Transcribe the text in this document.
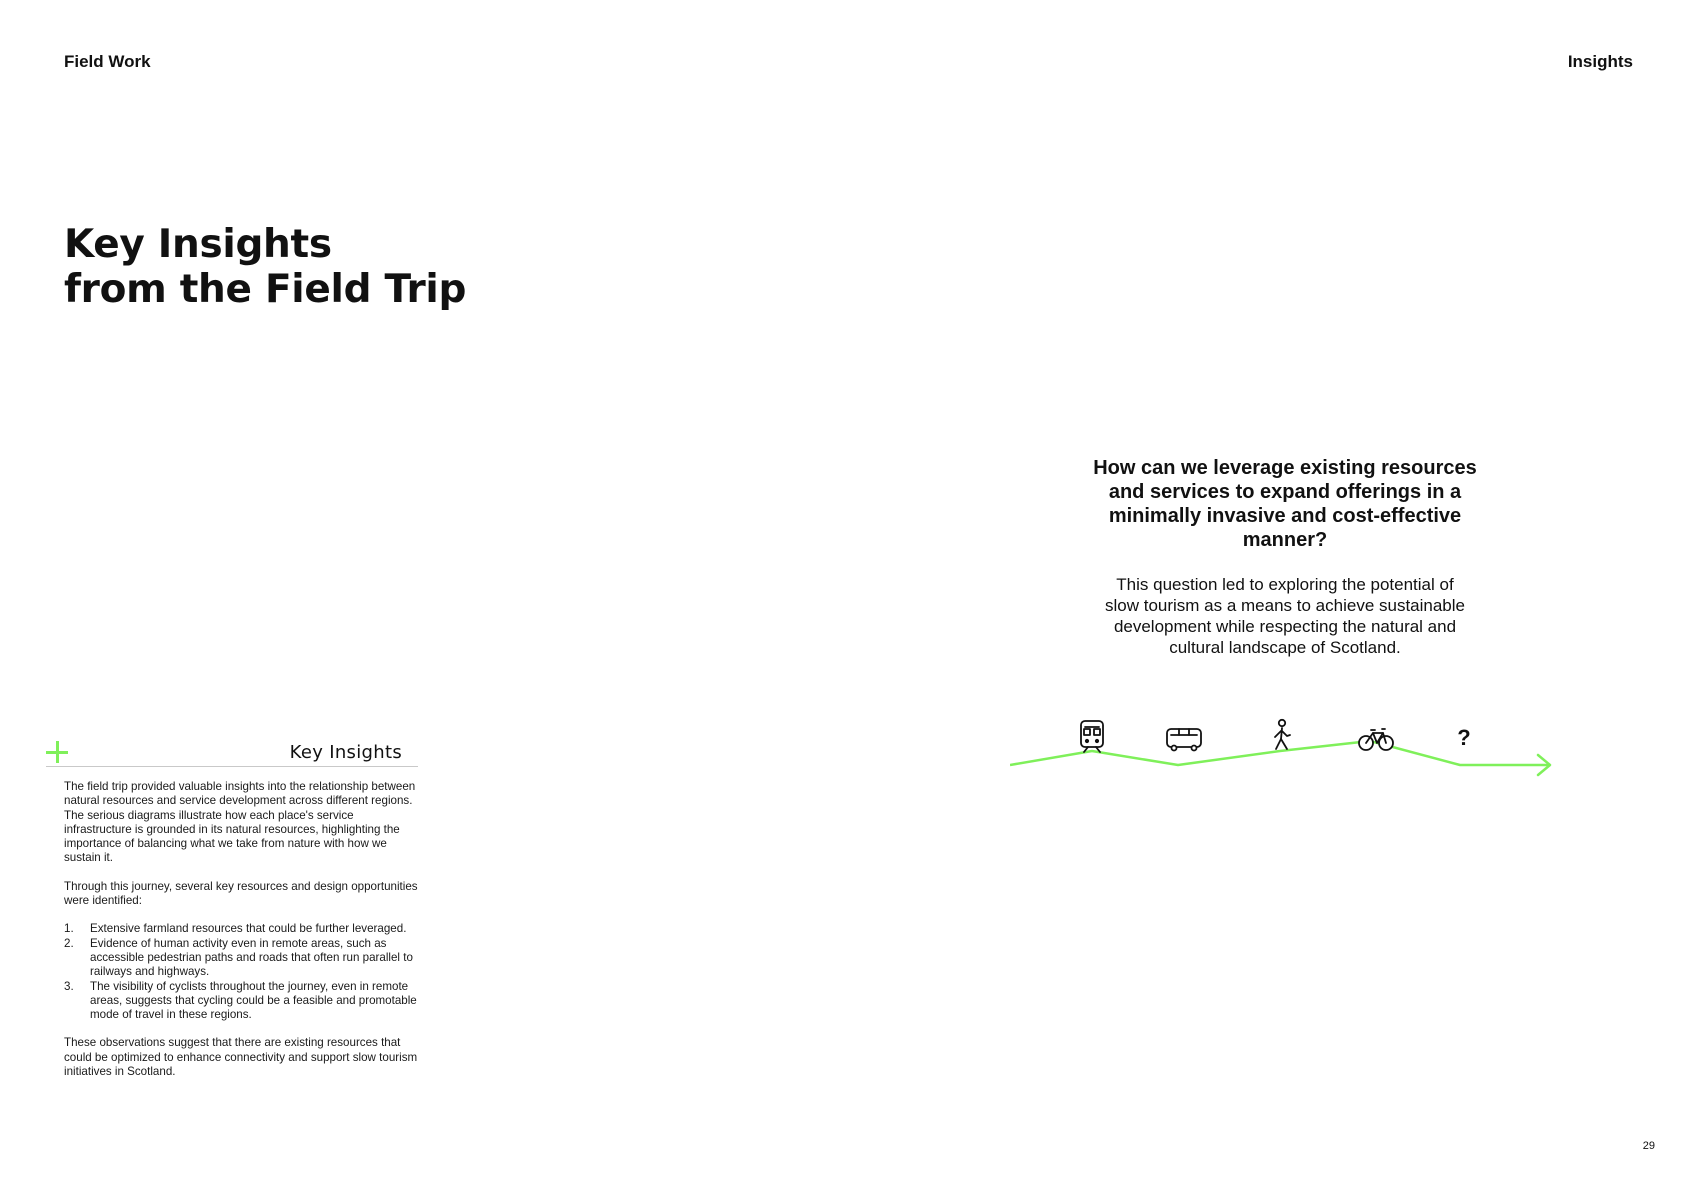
Field Work	Insights
Key Insights
from the Field Trip
Key Insights

The field trip provided valuable insights into the relationship between natural resources and service development across different regions. The serious diagrams illustrate how each place's service infrastructure is grounded in its natural resources, highlighting the importance of balancing what we take from nature with how we sustain it.

Through this journey, several key resources and design opportunities were identified:

1. Extensive farmland resources that could be further leveraged.
2. Evidence of human activity even in remote areas, such as accessible pedestrian paths and roads that often run parallel to railways and highways.
3. The visibility of cyclists throughout the journey, even in remote areas, suggests that cycling could be a feasible and promotable mode of travel in these regions.

These observations suggest that there are existing resources that could be optimized to enhance connectivity and support slow tourism initiatives in Scotland.

How can we leverage existing resources and services to expand offerings in a minimally invasive and cost-effective manner?

This question led to exploring the potential of slow tourism as a means to achieve sustainable development while respecting the natural and cultural landscape of Scotland.

?
29
